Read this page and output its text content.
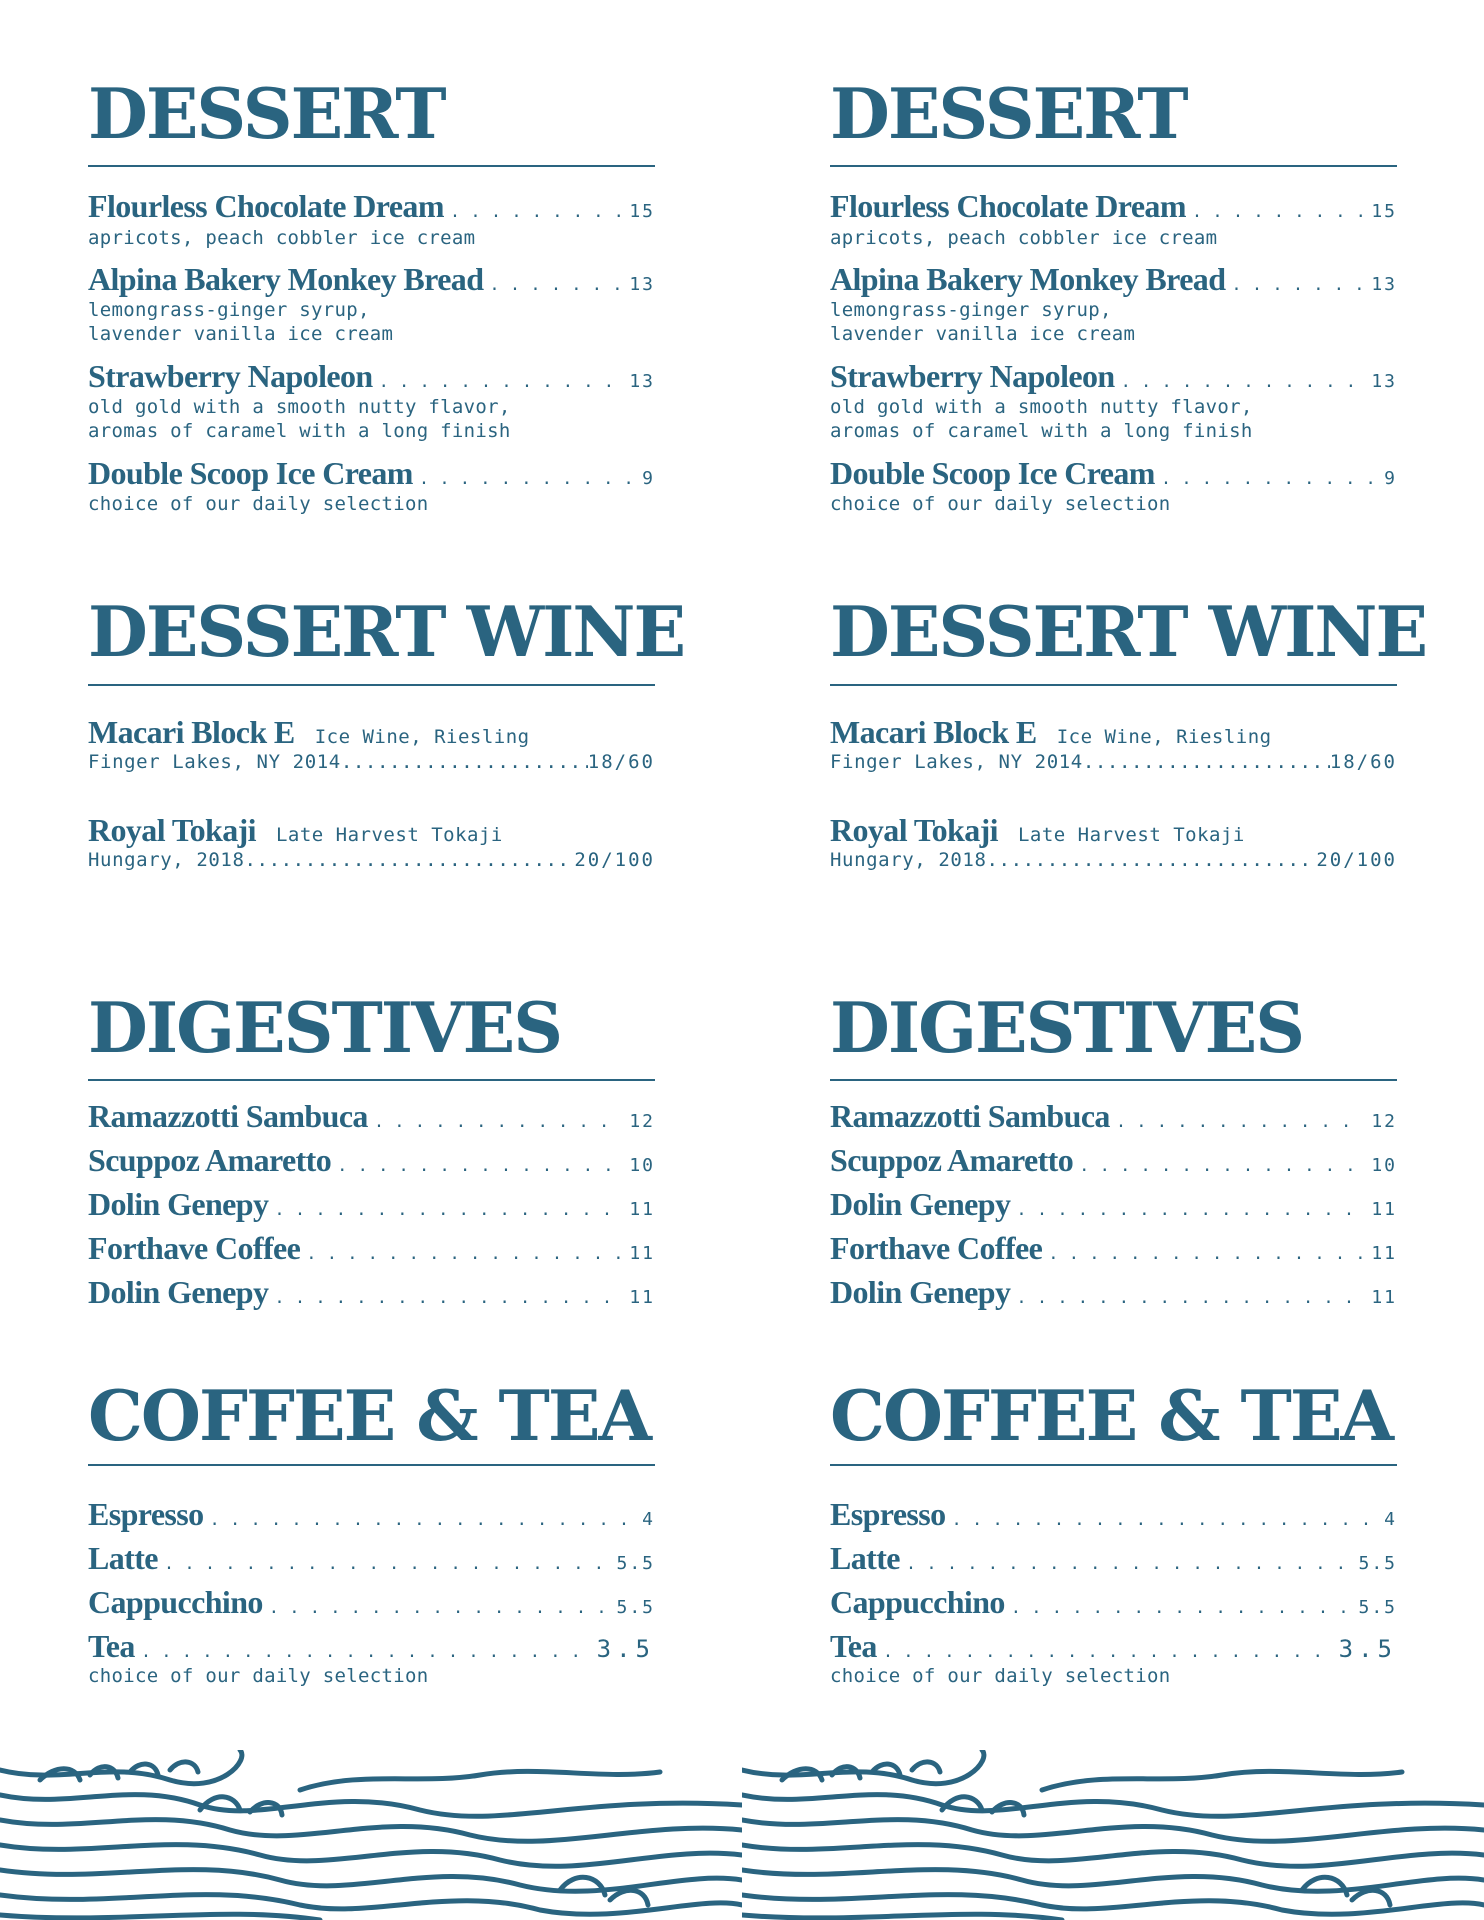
DESSERT
Flourless Chocolate Dream . . .	15
apricots, peach cobbler ice cream
Alpina Bakery Monkey Bread . . .	13
lemongrass-ginger syrup,
lavender vanilla ice cream
Strawberry Napoleon . . .	13
old gold with a smooth nutty flavor,
aromas of caramel with a long finish
Double Scoop Ice Cream . . .	9
choice of our daily selection
DESSERT WINE
Macari Block E Ice Wine, Riesling
Finger Lakes, NY 2014 .....	18/60
Royal Tokaji Late Harvest Tokaji
Hungary, 2018 .....	20/100
DIGESTIVES
Ramazzotti Sambuca . . .	12
Scuppoz Amaretto . . .	10
Dolin Genepy . . .	11
Forthave Coffee . . .	11
Dolin Genepy . . .	11
COFFEE & TEA
Espresso . . .	4
Latte . . .	5.5
Cappucchino . . .	5.5
Tea . . .	3.5
choice of our daily selection
DESSERT
Flourless Chocolate Dream . . .	15
apricots, peach cobbler ice cream
Alpina Bakery Monkey Bread . . .	13
lemongrass-ginger syrup,
lavender vanilla ice cream
Strawberry Napoleon . . .	13
old gold with a smooth nutty flavor,
aromas of caramel with a long finish
Double Scoop Ice Cream . . .	9
choice of our daily selection
DESSERT WINE
Macari Block E Ice Wine, Riesling
Finger Lakes, NY 2014 .....	18/60
Royal Tokaji Late Harvest Tokaji
Hungary, 2018 .....	20/100
DIGESTIVES
Ramazzotti Sambuca . . .	12
Scuppoz Amaretto . . .	10
Dolin Genepy . . .	11
Forthave Coffee . . .	11
Dolin Genepy . . .	11
COFFEE & TEA
Espresso . . .	4
Latte . . .	5.5
Cappucchino . . .	5.5
Tea . . .	3.5
choice of our daily selection
